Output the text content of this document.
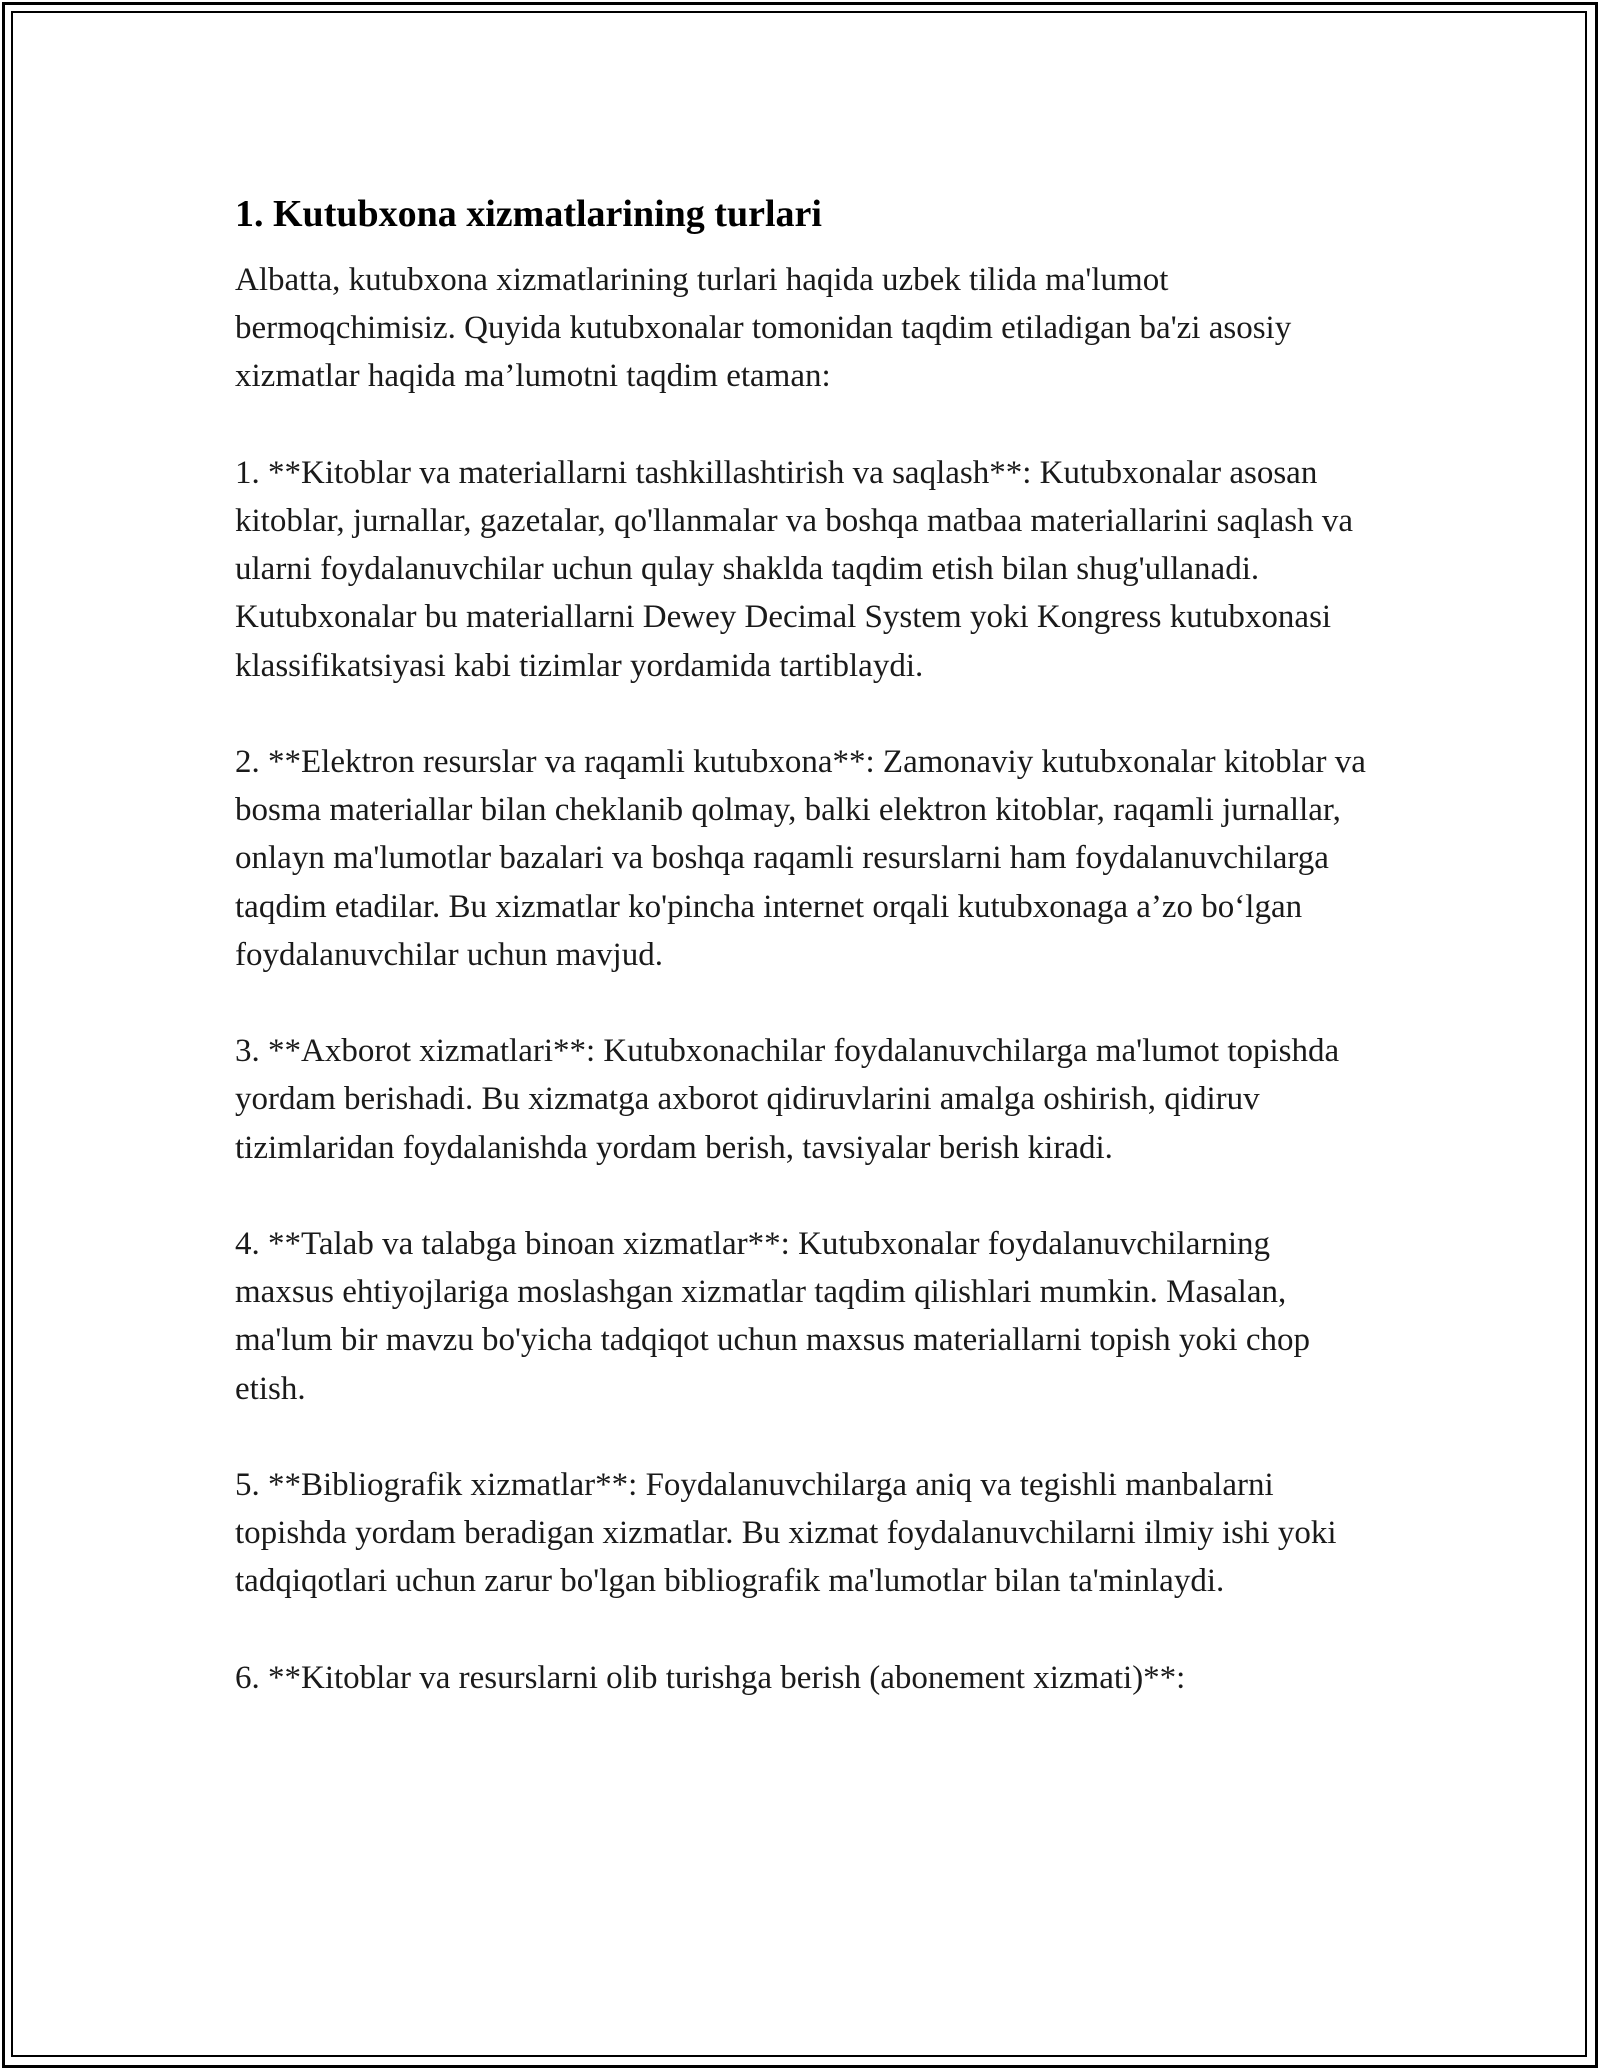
1. Kutubxona xizmatlarining turlari

Albatta, kutubxona xizmatlarining turlari haqida uzbek tilida ma'lumot bermoqchimisiz. Quyida kutubxonalar tomonidan taqdim etiladigan ba'zi asosiy xizmatlar haqida ma’lumotni taqdim etaman:

1. **Kitoblar va materiallarni tashkillashtirish va saqlash**: Kutubxonalar asosan kitoblar, jurnallar, gazetalar, qo'llanmalar va boshqa matbaa materiallarini saqlash va ularni foydalanuvchilar uchun qulay shaklda taqdim etish bilan shug'ullanadi. Kutubxonalar bu materiallarni Dewey Decimal System yoki Kongress kutubxonasi klassifikatsiyasi kabi tizimlar yordamida tartiblaydi.

2. **Elektron resurslar va raqamli kutubxona**: Zamonaviy kutubxonalar kitoblar va bosma materiallar bilan cheklanib qolmay, balki elektron kitoblar, raqamli jurnallar, onlayn ma'lumotlar bazalari va boshqa raqamli resurslarni ham foydalanuvchilarga taqdim etadilar. Bu xizmatlar ko'pincha internet orqali kutubxonaga a’zo bo‘lgan foydalanuvchilar uchun mavjud.

3. **Axborot xizmatlari**: Kutubxonachilar foydalanuvchilarga ma'lumot topishda yordam berishadi. Bu xizmatga axborot qidiruvlarini amalga oshirish, qidiruv tizimlaridan foydalanishda yordam berish, tavsiyalar berish kiradi.

4. **Talab va talabga binoan xizmatlar**: Kutubxonalar foydalanuvchilarning maxsus ehtiyojlariga moslashgan xizmatlar taqdim qilishlari mumkin. Masalan, ma'lum bir mavzu bo'yicha tadqiqot uchun maxsus materiallarni topish yoki chop etish.

5. **Bibliografik xizmatlar**: Foydalanuvchilarga aniq va tegishli manbalarni topishda yordam beradigan xizmatlar. Bu xizmat foydalanuvchilarni ilmiy ishi yoki tadqiqotlari uchun zarur bo'lgan bibliografik ma'lumotlar bilan ta'minlaydi.

6. **Kitoblar va resurslarni olib turishga berish (abonement xizmati)**:
